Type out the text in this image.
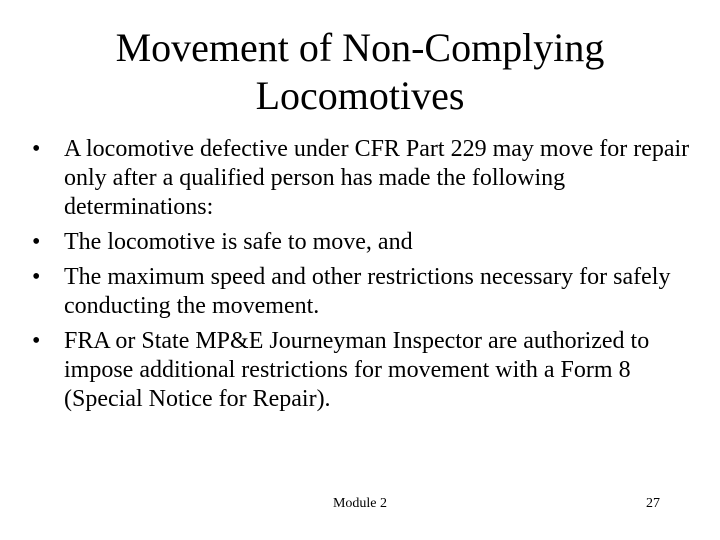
Movement of Non-Complying
Locomotives
• A locomotive defective under CFR Part 229 may move for repair only after a qualified person has made the following determinations:
• The locomotive is safe to move, and
• The maximum speed and other restrictions necessary for safely conducting the movement.
• FRA or State MP&E Journeyman Inspector are authorized to impose additional restrictions for movement with a Form 8 (Special Notice for Repair).
Module 2	27
